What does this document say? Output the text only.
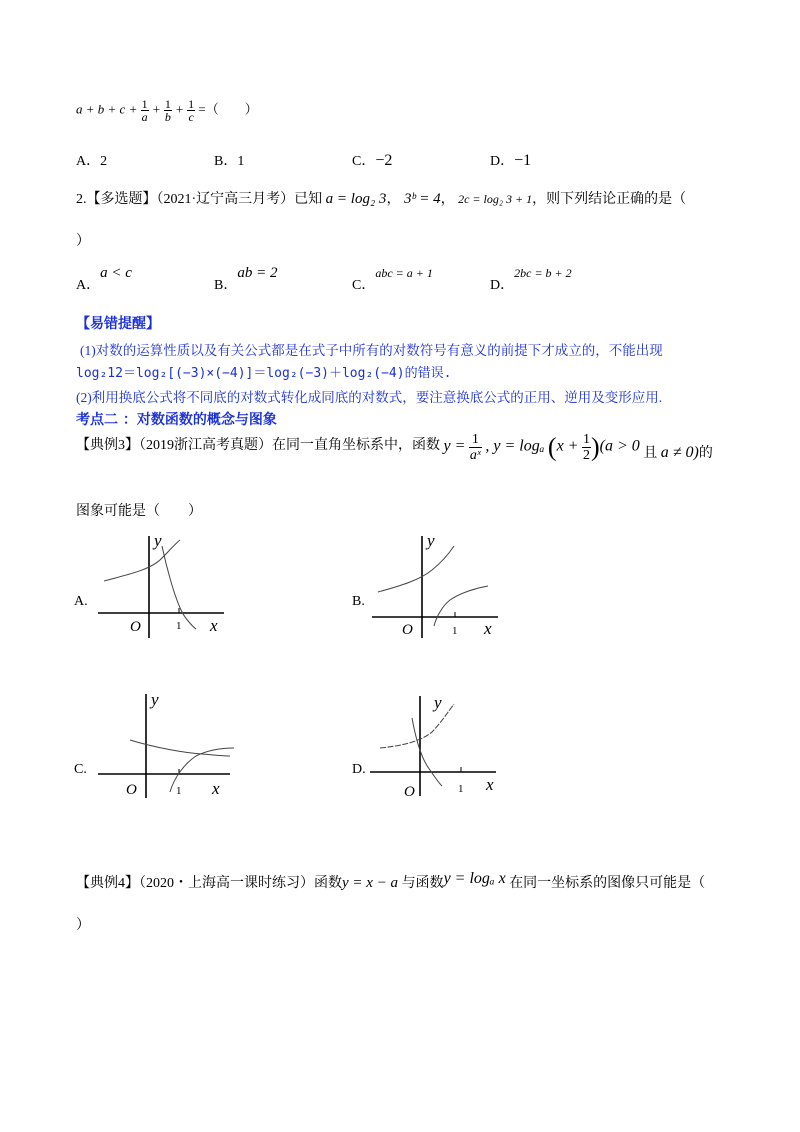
$a + b + c + \frac{1}{a} + \frac{1}{b} + \frac{1}{c}$ =（　　）
A．2	B．1	C．−2	D．−1
2.【多选题】（2021·辽宁高三月考）已知 a = log₂ 3， 3ᵇ = 4， 2c = log₂ 3 + 1，则下列结论正确的是（
）
A．a < c
B．ab = 2
C．abc = a + 1
D．2bc = b + 2
【易错提醒】
(1)对数的运算性质以及有关公式都是在式子中所有的对数符号有意义的前提下才成立的，不能出现
log₂12＝log₂[(−3)×(−4)]＝log₂(−3)＋log₂(−4)的错误.
(2)利用换底公式将不同底的对数式转化成同底的对数式，要注意换底公式的正用、逆用及变形应用.
考点二 ：对数函数的概念与图象
【典例3】（2019浙江高考真题）在同一直角坐标系中，函数 $y = \frac{1}{\text{aˣ}}$ , y = logₐ $(x + \frac{1}{2} )(a > 0$ 且 a ≠ 0)的
图象可能是（　　）
A.
y
x
O	1
B.
y
x
O	1
C.
y
x
O	1
D.
y
x
O	1
【典例4】（2020・上海高一课时练习）函数y = x − a 与函数y = logₐ x 在同一坐标系的图像只可能是（
）
